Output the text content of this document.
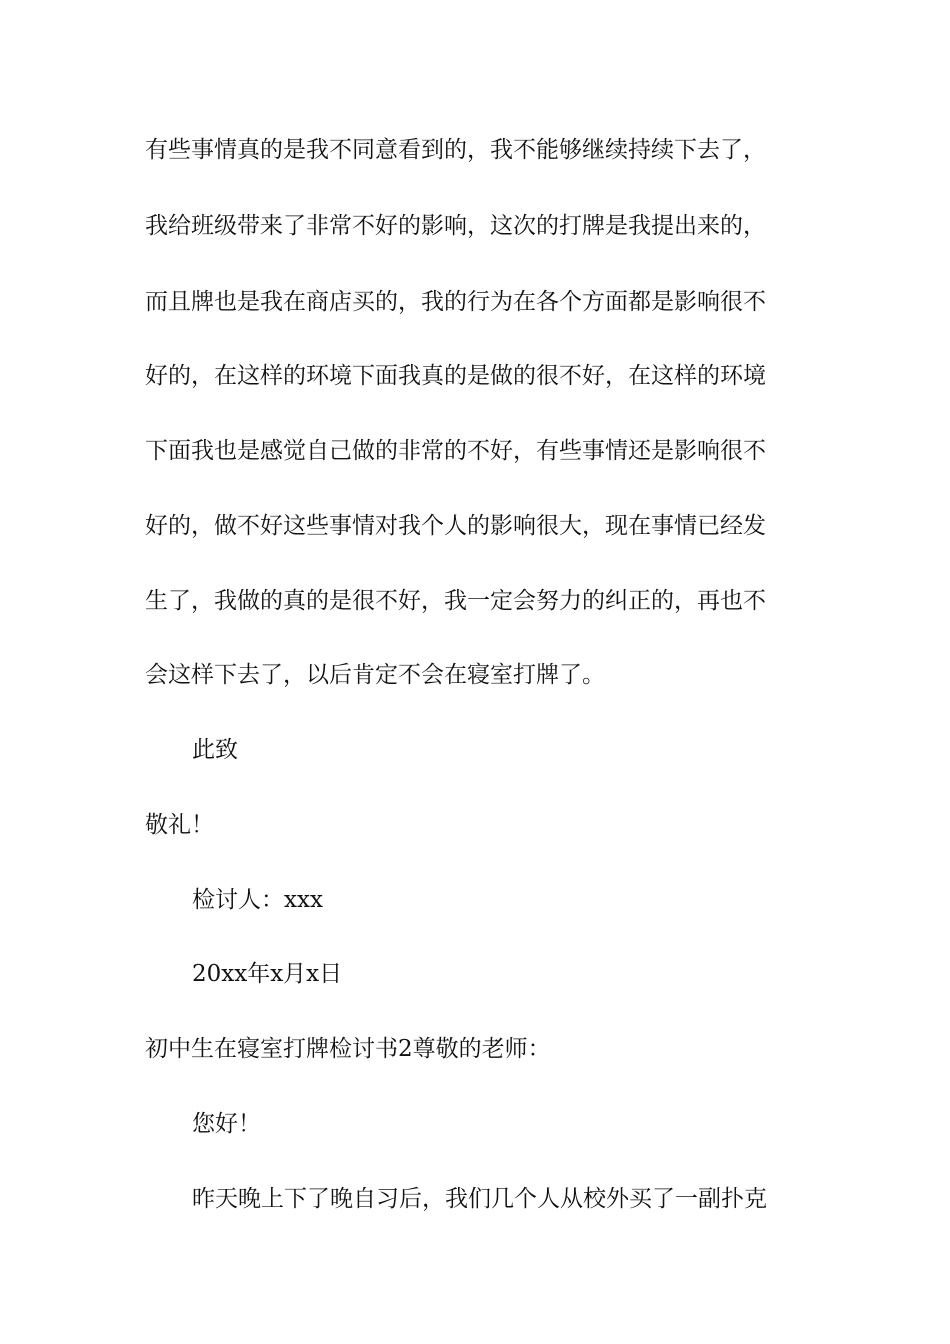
有些事情真的是我不同意看到的，我不能够继续持续下去了，
我给班级带来了非常不好的影响，这次的打牌是我提出来的，
而且牌也是我在商店买的，我的行为在各个方面都是影响很不
好的，在这样的环境下面我真的是做的很不好，在这样的环境
下面我也是感觉自己做的非常的不好，有些事情还是影响很不
好的，做不好这些事情对我个人的影响很大，现在事情已经发
生了，我做的真的是很不好，我一定会努力的纠正的，再也不
会这样下去了，以后肯定不会在寝室打牌了。
此致
敬礼！
检讨人：xxx
20xx年x月x日
初中生在寝室打牌检讨书2尊敬的老师：
您好！
昨天晚上下了晚自习后，我们几个人从校外买了一副扑克
